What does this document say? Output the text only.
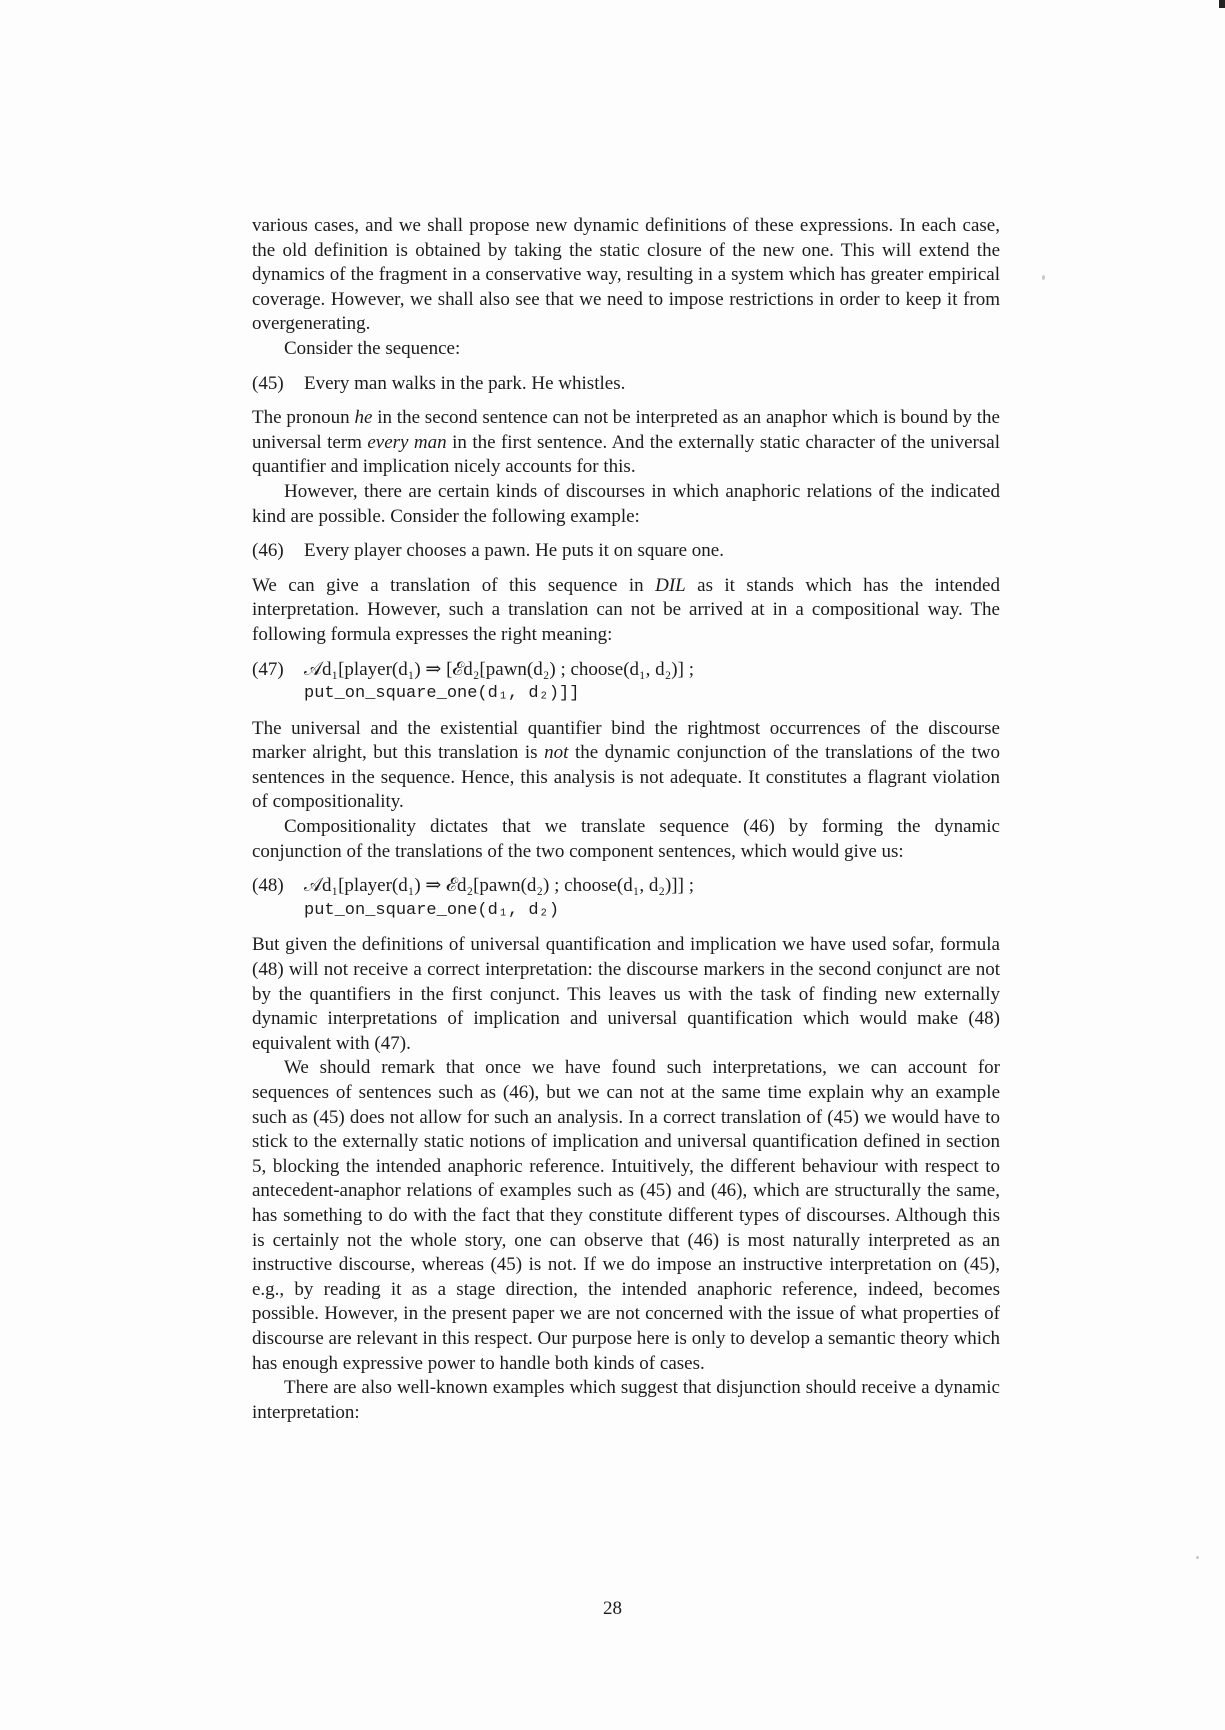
various cases, and we shall propose new dynamic definitions of these expressions. In each case, the old definition is obtained by taking the static closure of the new one. This will extend the dynamics of the fragment in a conservative way, resulting in a system which has greater empirical coverage. However, we shall also see that we need to impose restrictions in order to keep it from overgenerating.

Consider the sequence:

(45)	Every man walks in the park. He whistles.

The pronoun he in the second sentence can not be interpreted as an anaphor which is bound by the universal term every man in the first sentence. And the externally static character of the universal quantifier and implication nicely accounts for this.

However, there are certain kinds of discourses in which anaphoric relations of the indicated kind are possible. Consider the following example:

(46)	Every player chooses a pawn. He puts it on square one.

We can give a translation of this sequence in DIL as it stands which has the intended interpretation. However, such a translation can not be arrived at in a compositional way. The following formula expresses the right meaning:

(47)	𝒜d₁[player(d₁) ⇒ [ℰd₂[pawn(d₂) ; choose(d₁, d₂)] ;
put_on_square_one(d₁, d₂)]]

The universal and the existential quantifier bind the rightmost occurrences of the discourse marker alright, but this translation is not the dynamic conjunction of the translations of the two sentences in the sequence. Hence, this analysis is not adequate. It constitutes a flagrant violation of compositionality.

Compositionality dictates that we translate sequence (46) by forming the dynamic conjunction of the translations of the two component sentences, which would give us:

(48)	𝒜d₁[player(d₁) ⇒ ℰd₂[pawn(d₂) ; choose(d₁, d₂)]] ;
put_on_square_one(d₁, d₂)

But given the definitions of universal quantification and implication we have used sofar, formula (48) will not receive a correct interpretation: the discourse markers in the second conjunct are not by the quantifiers in the first conjunct. This leaves us with the task of finding new externally dynamic interpretations of implication and universal quantification which would make (48) equivalent with (47).

We should remark that once we have found such interpretations, we can account for sequences of sentences such as (46), but we can not at the same time explain why an example such as (45) does not allow for such an analysis. In a correct translation of (45) we would have to stick to the externally static notions of implication and universal quantification defined in section 5, blocking the intended anaphoric reference. Intuitively, the different behaviour with respect to antecedent-anaphor relations of examples such as (45) and (46), which are structurally the same, has something to do with the fact that they constitute different types of discourses. Although this is certainly not the whole story, one can observe that (46) is most naturally interpreted as an instructive discourse, whereas (45) is not. If we do impose an instructive interpretation on (45), e.g., by reading it as a stage direction, the intended anaphoric reference, indeed, becomes possible. However, in the present paper we are not concerned with the issue of what properties of discourse are relevant in this respect. Our purpose here is only to develop a semantic theory which has enough expressive power to handle both kinds of cases.

There are also well-known examples which suggest that disjunction should receive a dynamic interpretation:

28
